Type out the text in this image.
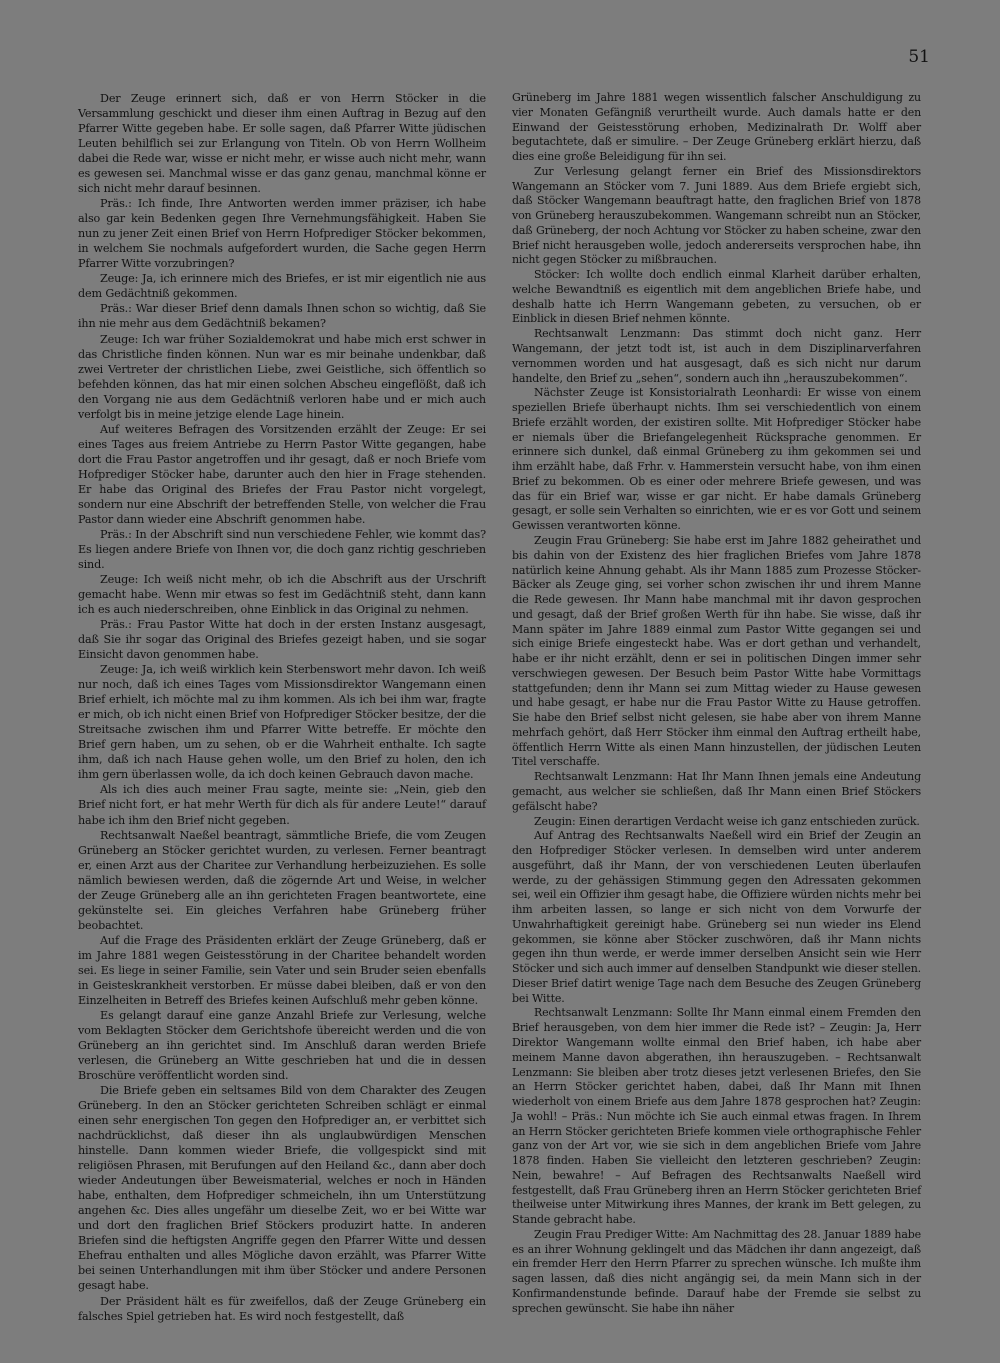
51

Der Zeuge erinnert sich, daß er von Herrn Stöcker in die Versammlung geschickt und dieser ihm einen Auftrag in Bezug auf den Pfarrer Witte gegeben habe. Er solle sagen, daß Pfarrer Witte jüdischen Leuten behilflich sei zur Erlangung von Titeln. Ob von Herrn Wollheim dabei die Rede war, wisse er nicht mehr, er wisse auch nicht mehr, wann es gewesen sei. Manchmal wisse er das ganz genau, manchmal könne er sich nicht mehr darauf besinnen.

Präs.: Ich finde, Ihre Antworten werden immer präziser, ich habe also gar kein Bedenken gegen Ihre Vernehmungsfähigkeit. Haben Sie nun zu jener Zeit einen Brief von Herrn Hofprediger Stöcker bekommen, in welchem Sie nochmals aufgefordert wurden, die Sache gegen Herrn Pfarrer Witte vorzubringen?

Zeuge: Ja, ich erinnere mich des Briefes, er ist mir eigentlich nie aus dem Gedächtniß gekommen.

Präs.: War dieser Brief denn damals Ihnen schon so wichtig, daß Sie ihn nie mehr aus dem Gedächtniß bekamen?

Zeuge: Ich war früher Sozialdemokrat und habe mich erst schwer in das Christliche finden können. Nun war es mir beinahe undenkbar, daß zwei Vertreter der christlichen Liebe, zwei Geistliche, sich öffentlich so befehden können, das hat mir einen solchen Abscheu eingeflößt, daß ich den Vorgang nie aus dem Gedächtniß verloren habe und er mich auch verfolgt bis in meine jetzige elende Lage hinein.

Auf weiteres Befragen des Vorsitzenden erzählt der Zeuge: Er sei eines Tages aus freiem Antriebe zu Herrn Pastor Witte gegangen, habe dort die Frau Pastor angetroffen und ihr gesagt, daß er noch Briefe vom Hofprediger Stöcker habe, darunter auch den hier in Frage stehenden. Er habe das Original des Briefes der Frau Pastor nicht vorgelegt, sondern nur eine Abschrift der betreffenden Stelle, von welcher die Frau Pastor dann wieder eine Abschrift genommen habe.

Präs.: In der Abschrift sind nun verschiedene Fehler, wie kommt das? Es liegen andere Briefe von Ihnen vor, die doch ganz richtig geschrieben sind.

Zeuge: Ich weiß nicht mehr, ob ich die Abschrift aus der Urschrift gemacht habe. Wenn mir etwas so fest im Gedächtniß steht, dann kann ich es auch niederschreiben, ohne Einblick in das Original zu nehmen.

Präs.: Frau Pastor Witte hat doch in der ersten Instanz ausgesagt, daß Sie ihr sogar das Original des Briefes gezeigt haben, und sie sogar Einsicht davon genommen habe.

Zeuge: Ja, ich weiß wirklich kein Sterbenswort mehr davon. Ich weiß nur noch, daß ich eines Tages vom Missionsdirektor Wangemann einen Brief erhielt, ich möchte mal zu ihm kommen. Als ich bei ihm war, fragte er mich, ob ich nicht einen Brief von Hofprediger Stöcker besitze, der die Streitsache zwischen ihm und Pfarrer Witte betreffe. Er möchte den Brief gern haben, um zu sehen, ob er die Wahrheit enthalte. Ich sagte ihm, daß ich nach Hause gehen wolle, um den Brief zu holen, den ich ihm gern überlassen wolle, da ich doch keinen Gebrauch davon mache.

Als ich dies auch meiner Frau sagte, meinte sie: „Nein, gieb den Brief nicht fort, er hat mehr Werth für dich als für andere Leute!“ darauf habe ich ihm den Brief nicht gegeben.

Rechtsanwalt Naeßel beantragt, sämmtliche Briefe, die vom Zeugen Grüneberg an Stöcker gerichtet wurden, zu verlesen. Ferner beantragt er, einen Arzt aus der Charitee zur Verhandlung herbeizuziehen. Es solle nämlich bewiesen werden, daß die zögernde Art und Weise, in welcher der Zeuge Grüneberg alle an ihn gerichteten Fragen beantwortete, eine gekünstelte sei. Ein gleiches Verfahren habe Grüneberg früher beobachtet.

Auf die Frage des Präsidenten erklärt der Zeuge Grüneberg, daß er im Jahre 1881 wegen Geistesstörung in der Charitee behandelt worden sei. Es liege in seiner Familie, sein Vater und sein Bruder seien ebenfalls in Geisteskrankheit verstorben. Er müsse dabei bleiben, daß er von den Einzelheiten in Betreff des Briefes keinen Aufschluß mehr geben könne.

Es gelangt darauf eine ganze Anzahl Briefe zur Verlesung, welche vom Beklagten Stöcker dem Gerichtshofe übereicht werden und die von Grüneberg an ihn gerichtet sind. Im Anschluß daran werden Briefe verlesen, die Grüneberg an Witte geschrieben hat und die in dessen Broschüre veröffentlicht worden sind.

Die Briefe geben ein seltsames Bild von dem Charakter des Zeugen Grüneberg. In den an Stöcker gerichteten Schreiben schlägt er einmal einen sehr energischen Ton gegen den Hofprediger an, er verbittet sich nachdrücklichst, daß dieser ihn als unglaubwürdigen Menschen hinstelle. Dann kommen wieder Briefe, die vollgespickt sind mit religiösen Phrasen, mit Berufungen auf den Heiland &c., dann aber doch wieder Andeutungen über Beweismaterial, welches er noch in Händen habe, enthalten, dem Hofprediger schmeicheln, ihn um Unterstützung angehen &c. Dies alles ungefähr um dieselbe Zeit, wo er bei Witte war und dort den fraglichen Brief Stöckers produzirt hatte. In anderen Briefen sind die heftigsten Angriffe gegen den Pfarrer Witte und dessen Ehefrau enthalten und alles Mögliche davon erzählt, was Pfarrer Witte bei seinen Unterhandlungen mit ihm über Stöcker und andere Personen gesagt habe.

Der Präsident hält es für zweifellos, daß der Zeuge Grüneberg ein falsches Spiel getrieben hat. Es wird noch festgestellt, daß

Grüneberg im Jahre 1881 wegen wissentlich falscher Anschuldigung zu vier Monaten Gefängniß verurtheilt wurde. Auch damals hatte er den Einwand der Geistesstörung erhoben, Medizinalrath Dr. Wolff aber begutachtete, daß er simulire. – Der Zeuge Grüneberg erklärt hierzu, daß dies eine große Beleidigung für ihn sei.

Zur Verlesung gelangt ferner ein Brief des Missionsdirektors Wangemann an Stöcker vom 7. Juni 1889. Aus dem Briefe ergiebt sich, daß Stöcker Wangemann beauftragt hatte, den fraglichen Brief von 1878 von Grüneberg herauszubekommen. Wangemann schreibt nun an Stöcker, daß Grüneberg, der noch Achtung vor Stöcker zu haben scheine, zwar den Brief nicht herausgeben wolle, jedoch andererseits versprochen habe, ihn nicht gegen Stöcker zu mißbrauchen.

Stöcker: Ich wollte doch endlich einmal Klarheit darüber erhalten, welche Bewandtniß es eigentlich mit dem angeblichen Briefe habe, und deshalb hatte ich Herrn Wangemann gebeten, zu versuchen, ob er Einblick in diesen Brief nehmen könnte.

Rechtsanwalt Lenzmann: Das stimmt doch nicht ganz. Herr Wangemann, der jetzt todt ist, ist auch in dem Disziplinarverfahren vernommen worden und hat ausgesagt, daß es sich nicht nur darum handelte, den Brief zu „sehen“, sondern auch ihn „herauszubekommen“.

Nächster Zeuge ist Konsistorialrath Leonhardi: Er wisse von einem speziellen Briefe überhaupt nichts. Ihm sei verschiedentlich von einem Briefe erzählt worden, der existiren sollte. Mit Hofprediger Stöcker habe er niemals über die Briefangelegenheit Rücksprache genommen. Er erinnere sich dunkel, daß einmal Grüneberg zu ihm gekommen sei und ihm erzählt habe, daß Frhr. v. Hammerstein versucht habe, von ihm einen Brief zu bekommen. Ob es einer oder mehrere Briefe gewesen, und was das für ein Brief war, wisse er gar nicht. Er habe damals Grüneberg gesagt, er solle sein Verhalten so einrichten, wie er es vor Gott und seinem Gewissen verantworten könne.

Zeugin Frau Grüneberg: Sie habe erst im Jahre 1882 geheirathet und bis dahin von der Existenz des hier fraglichen Briefes vom Jahre 1878 natürlich keine Ahnung gehabt. Als ihr Mann 1885 zum Prozesse Stöcker-Bäcker als Zeuge ging, sei vorher schon zwischen ihr und ihrem Manne die Rede gewesen. Ihr Mann habe manchmal mit ihr davon gesprochen und gesagt, daß der Brief großen Werth für ihn habe. Sie wisse, daß ihr Mann später im Jahre 1889 einmal zum Pastor Witte gegangen sei und sich einige Briefe eingesteckt habe. Was er dort gethan und verhandelt, habe er ihr nicht erzählt, denn er sei in politischen Dingen immer sehr verschwiegen gewesen. Der Besuch beim Pastor Witte habe Vormittags stattgefunden; denn ihr Mann sei zum Mittag wieder zu Hause gewesen und habe gesagt, er habe nur die Frau Pastor Witte zu Hause getroffen. Sie habe den Brief selbst nicht gelesen, sie habe aber von ihrem Manne mehrfach gehört, daß Herr Stöcker ihm einmal den Auftrag ertheilt habe, öffentlich Herrn Witte als einen Mann hinzustellen, der jüdischen Leuten Titel verschaffe.

Rechtsanwalt Lenzmann: Hat Ihr Mann Ihnen jemals eine Andeutung gemacht, aus welcher sie schließen, daß Ihr Mann einen Brief Stöckers gefälscht habe?

Zeugin: Einen derartigen Verdacht weise ich ganz entschieden zurück.

Auf Antrag des Rechtsanwalts Naeßell wird ein Brief der Zeugin an den Hofprediger Stöcker verlesen. In demselben wird unter anderem ausgeführt, daß ihr Mann, der von verschiedenen Leuten überlaufen werde, zu der gehässigen Stimmung gegen den Adressaten gekommen sei, weil ein Offizier ihm gesagt habe, die Offiziere würden nichts mehr bei ihm arbeiten lassen, so lange er sich nicht von dem Vorwurfe der Unwahrhaftigkeit gereinigt habe. Grüneberg sei nun wieder ins Elend gekommen, sie könne aber Stöcker zuschwören, daß ihr Mann nichts gegen ihn thun werde, er werde immer derselben Ansicht sein wie Herr Stöcker und sich auch immer auf denselben Standpunkt wie dieser stellen. Dieser Brief datirt wenige Tage nach dem Besuche des Zeugen Grüneberg bei Witte.

Rechtsanwalt Lenzmann: Sollte Ihr Mann einmal einem Fremden den Brief herausgeben, von dem hier immer die Rede ist? – Zeugin: Ja, Herr Direktor Wangemann wollte einmal den Brief haben, ich habe aber meinem Manne davon abgerathen, ihn herauszugeben. – Rechtsanwalt Lenzmann: Sie bleiben aber trotz dieses jetzt verlesenen Briefes, den Sie an Herrn Stöcker gerichtet haben, dabei, daß Ihr Mann mit Ihnen wiederholt von einem Briefe aus dem Jahre 1878 gesprochen hat? Zeugin: Ja wohl! – Präs.: Nun möchte ich Sie auch einmal etwas fragen. In Ihrem an Herrn Stöcker gerichteten Briefe kommen viele orthographische Fehler ganz von der Art vor, wie sie sich in dem angeblichen Briefe vom Jahre 1878 finden. Haben Sie vielleicht den letzteren geschrieben? Zeugin: Nein, bewahre! – Auf Befragen des Rechtsanwalts Naeßell wird festgestellt, daß Frau Grüneberg ihren an Herrn Stöcker gerichteten Brief theilweise unter Mitwirkung ihres Mannes, der krank im Bett gelegen, zu Stande gebracht habe.

Zeugin Frau Prediger Witte: Am Nachmittag des 28. Januar 1889 habe es an ihrer Wohnung geklingelt und das Mädchen ihr dann angezeigt, daß ein fremder Herr den Herrn Pfarrer zu sprechen wünsche. Ich mußte ihm sagen lassen, daß dies nicht angängig sei, da mein Mann sich in der Konfirmandenstunde befinde. Darauf habe der Fremde sie selbst zu sprechen gewünscht. Sie habe ihn näher
